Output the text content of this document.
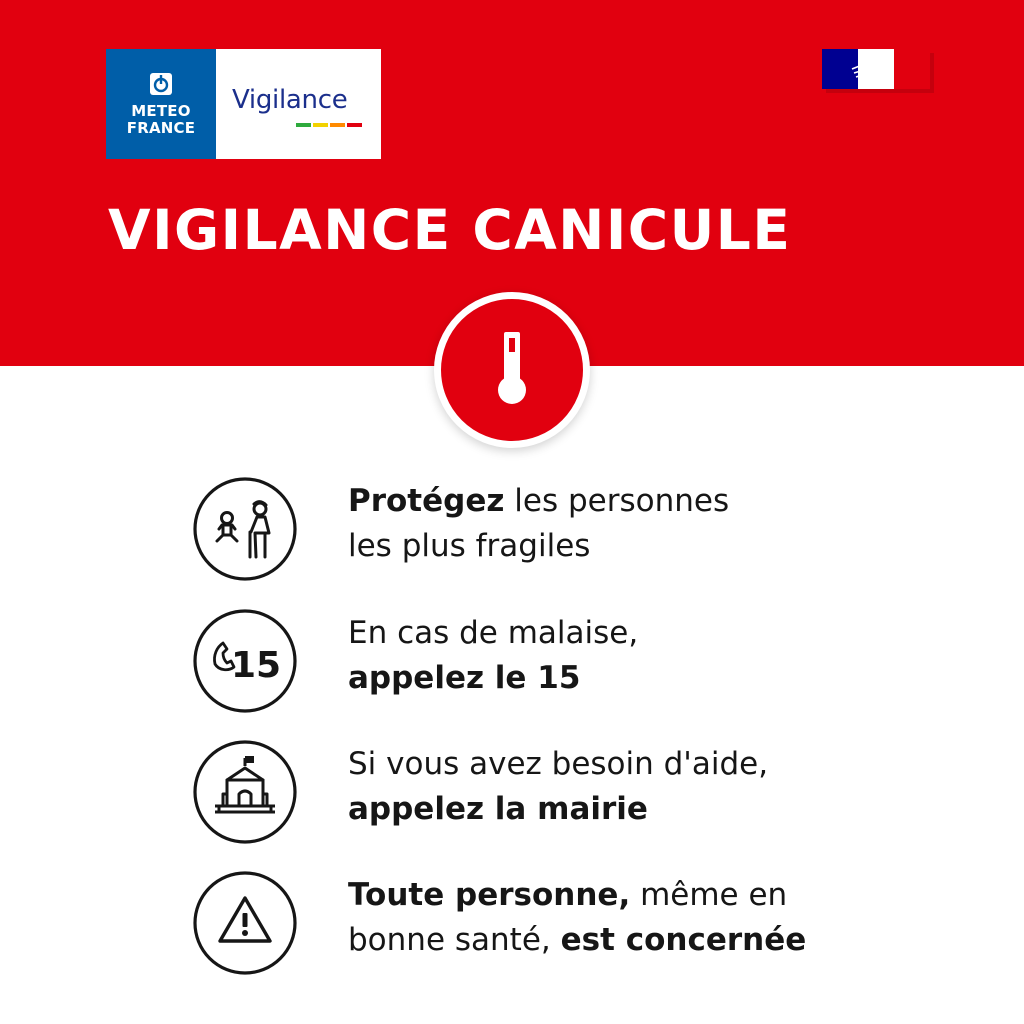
METEO
FRANCE
Vigilance
VIGILANCE CANICULE
Protégez les personnes
les plus fragiles
15
En cas de malaise,
appelez le 15
Si vous avez besoin d'aide,
appelez la mairie
Toute personne, même en
bonne santé, est concernée
